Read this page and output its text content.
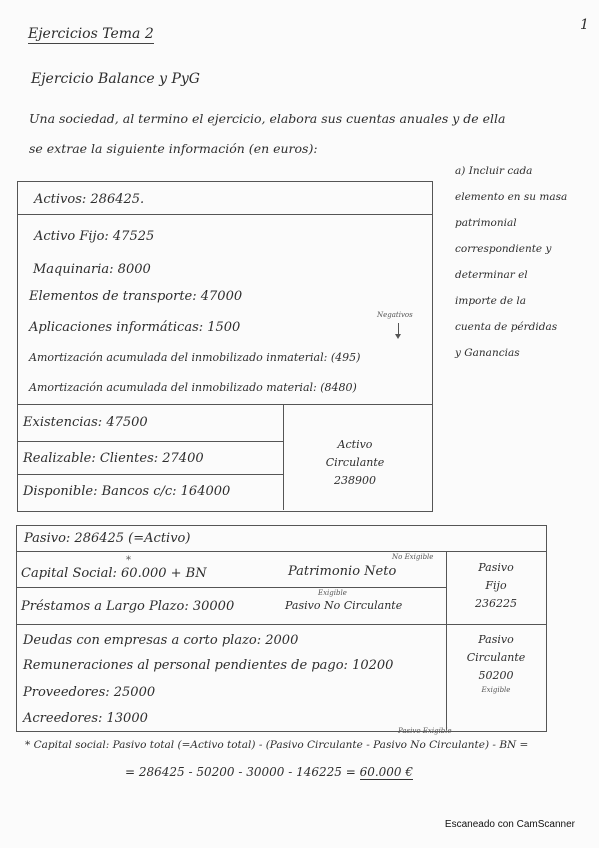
Ejercicios Tema 2
1
Ejercicio Balance y PyG
Una sociedad, al termino el ejercicio, elabora sus cuentas anuales y de ella
se extrae la siguiente información (en euros):
a) Incluir cada
elemento en su masa
patrimonial
correspondiente y
determinar el
importe de la
cuenta de pérdidas
y Ganancias
Activos: 286425.
Activo Fijo: 47525
Maquinaria: 8000
Elementos de transporte: 47000
Aplicaciones informáticas: 1500
Amortización acumulada del inmobilizado inmaterial: (495)
Amortización acumulada del inmobilizado material: (8480)
Negativos
Existencias: 47500
Realizable: Clientes: 27400
Disponible: Bancos c/c: 164000
Activo
Circulante
238900
Pasivo: 286425 (=Activo)
*
Capital Social: 60.000 + BN	Patrimonio Neto
No Exigible
Préstamos a Largo Plazo: 30000
Exigible
Pasivo No Circulante
Pasivo
Fijo
236225
Deudas con empresas a corto plazo: 2000
Remuneraciones al personal pendientes de pago: 10200
Proveedores: 25000
Acreedores: 13000
Pasivo
Circulante
50200
Exigible
Pasivo Exigible
* Capital social: Pasivo total (=Activo total) - (Pasivo Circulante - Pasivo No Circulante) - BN =
= 286425 - 50200 - 30000 - 146225 = 60.000 €
Escaneado con CamScanner
